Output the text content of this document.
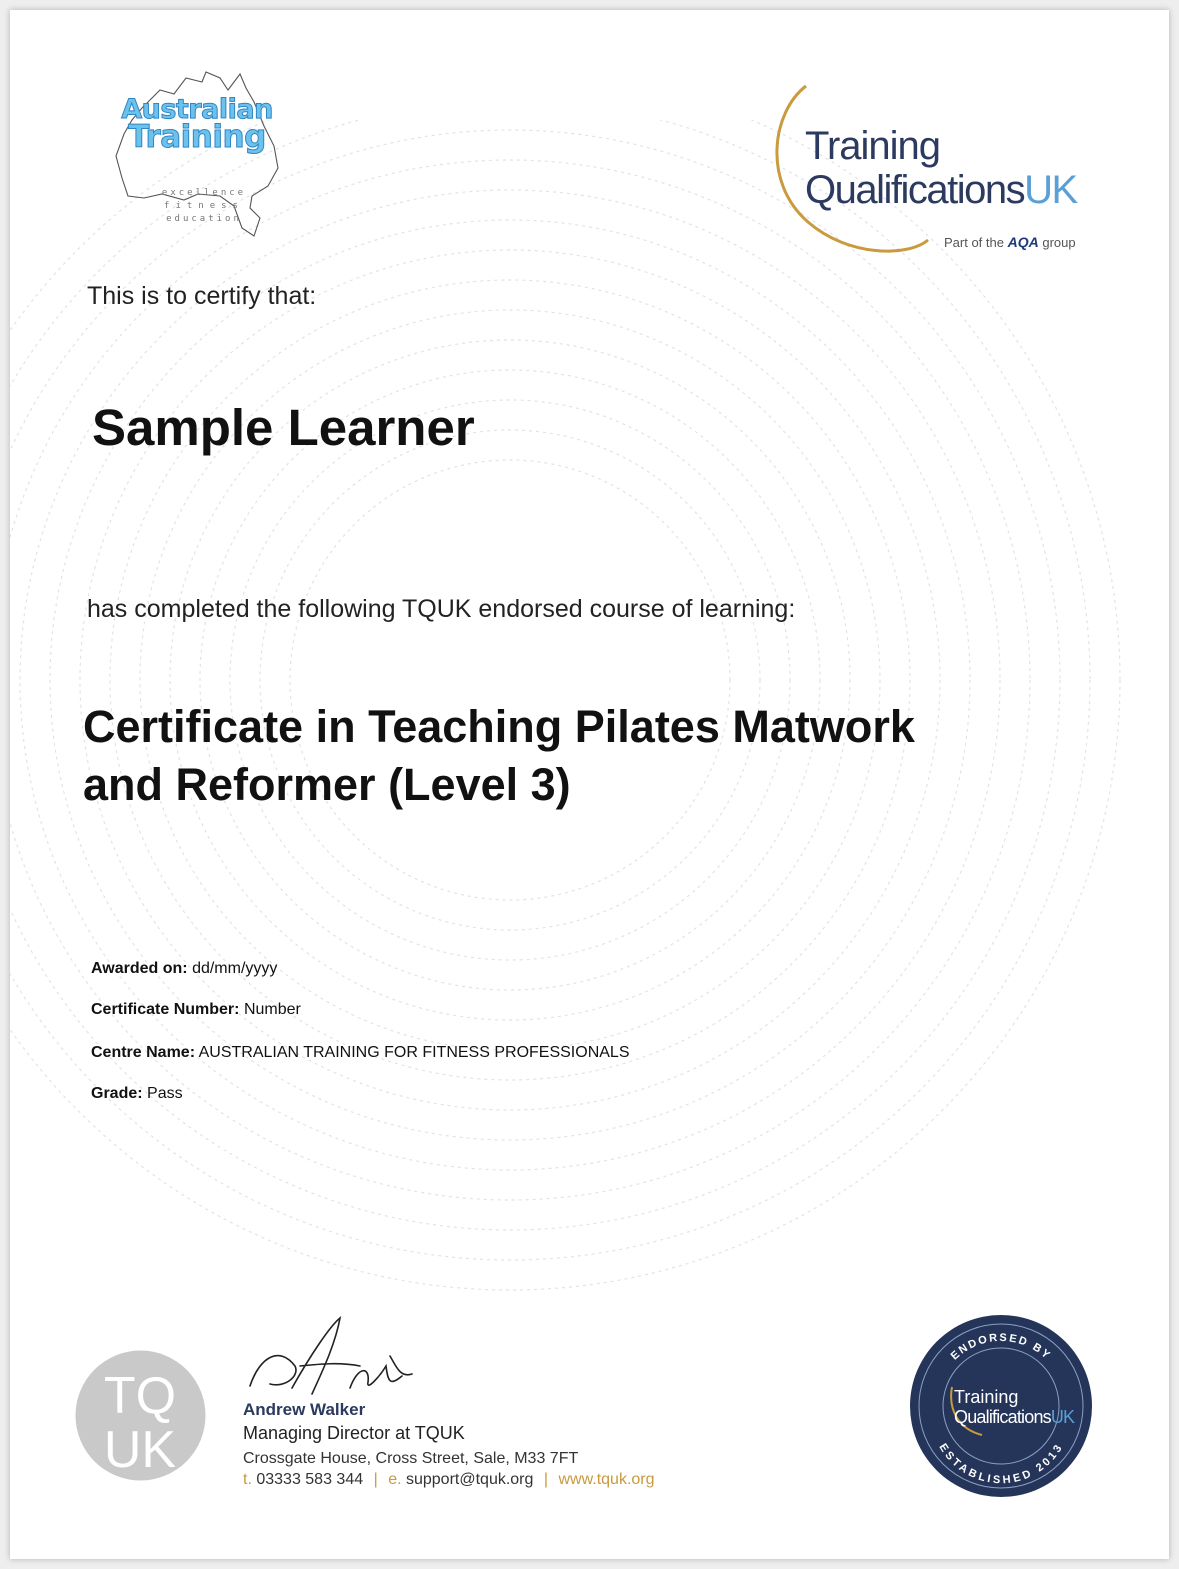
Australian
Training
excellence
fitness
education
Training
QualificationsUK
Part of the AQA group
This is to certify that:
Sample Learner
has completed the following TQUK endorsed course of learning:
Certificate in Teaching Pilates Matwork
and Reformer (Level 3)
Awarded on: dd/mm/yyyy
Certificate Number: Number
Centre Name: AUSTRALIAN TRAINING FOR FITNESS PROFESSIONALS
Grade: Pass
TQ
UK
Andrew Walker
Managing Director at TQUK
Crossgate House, Cross Street, Sale, M33 7FT
t. 03333 583 344 | e. support@tquk.org | www.tquk.org
ENDORSED BY
ESTABLISHED 2013
Training
QualificationsUK
